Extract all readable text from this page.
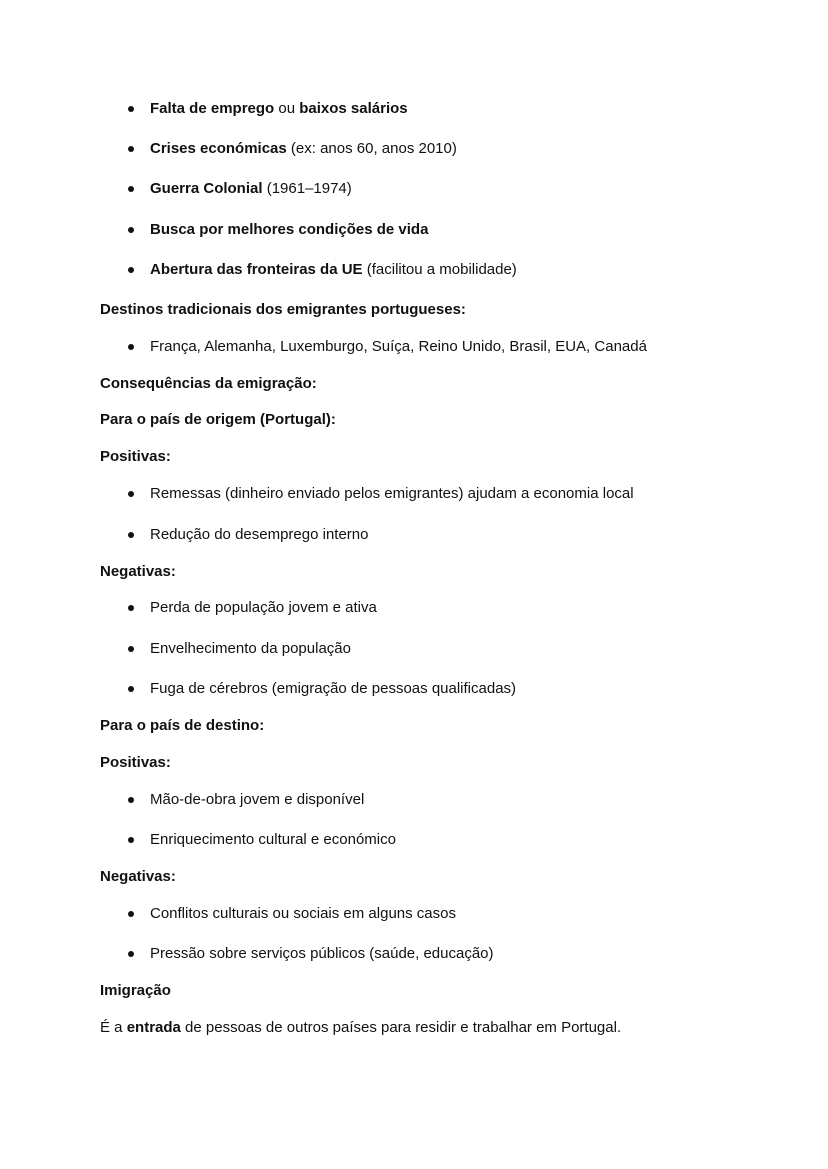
Falta de emprego ou baixos salários
Crises económicas (ex: anos 60, anos 2010)
Guerra Colonial (1961–1974)
Busca por melhores condições de vida
Abertura das fronteiras da UE (facilitou a mobilidade)
Destinos tradicionais dos emigrantes portugueses:
França, Alemanha, Luxemburgo, Suíça, Reino Unido, Brasil, EUA, Canadá
Consequências da emigração:
Para o país de origem (Portugal):
Positivas:
Remessas (dinheiro enviado pelos emigrantes) ajudam a economia local
Redução do desemprego interno
Negativas:
Perda de população jovem e ativa
Envelhecimento da população
Fuga de cérebros (emigração de pessoas qualificadas)
Para o país de destino:
Positivas:
Mão-de-obra jovem e disponível
Enriquecimento cultural e económico
Negativas:
Conflitos culturais ou sociais em alguns casos
Pressão sobre serviços públicos (saúde, educação)
Imigração
É a entrada de pessoas de outros países para residir e trabalhar em Portugal.
